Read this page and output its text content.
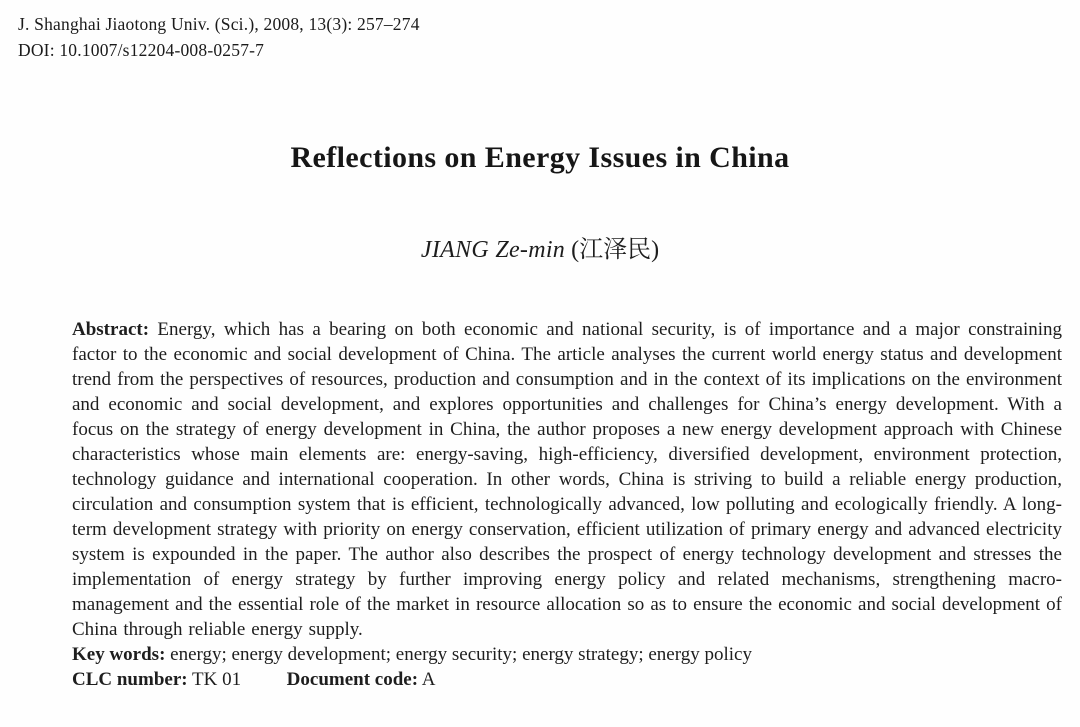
J. Shanghai Jiaotong Univ. (Sci.), 2008, 13(3): 257–274
DOI: 10.1007/s12204-008-0257-7
Reflections on Energy Issues in China
JIANG Ze-min (江泽民)

Abstract: Energy, which has a bearing on both economic and national security, is of importance and a major constraining factor to the economic and social development of China. The article analyses the current world energy status and development trend from the perspectives of resources, production and consumption and in the context of its implications on the environment and economic and social development, and explores opportunities and challenges for China’s energy development. With a focus on the strategy of energy development in China, the author proposes a new energy development approach with Chinese characteristics whose main elements are: energy-saving, high-efficiency, diversified development, environment protection, technology guidance and international cooperation. In other words, China is striving to build a reliable energy production, circulation and consumption system that is efficient, technologically advanced, low polluting and ecologically friendly. A long-term development strategy with priority on energy conservation, efficient utilization of primary energy and advanced electricity system is expounded in the paper. The author also describes the prospect of energy technology development and stresses the implementation of energy strategy by further improving energy policy and related mechanisms, strengthening macro-management and the essential role of the market in resource allocation so as to ensure the economic and social development of China through reliable energy supply.

Key words: energy; energy development; energy security; energy strategy; energy policy

CLC number: TK 01 Document code: A
